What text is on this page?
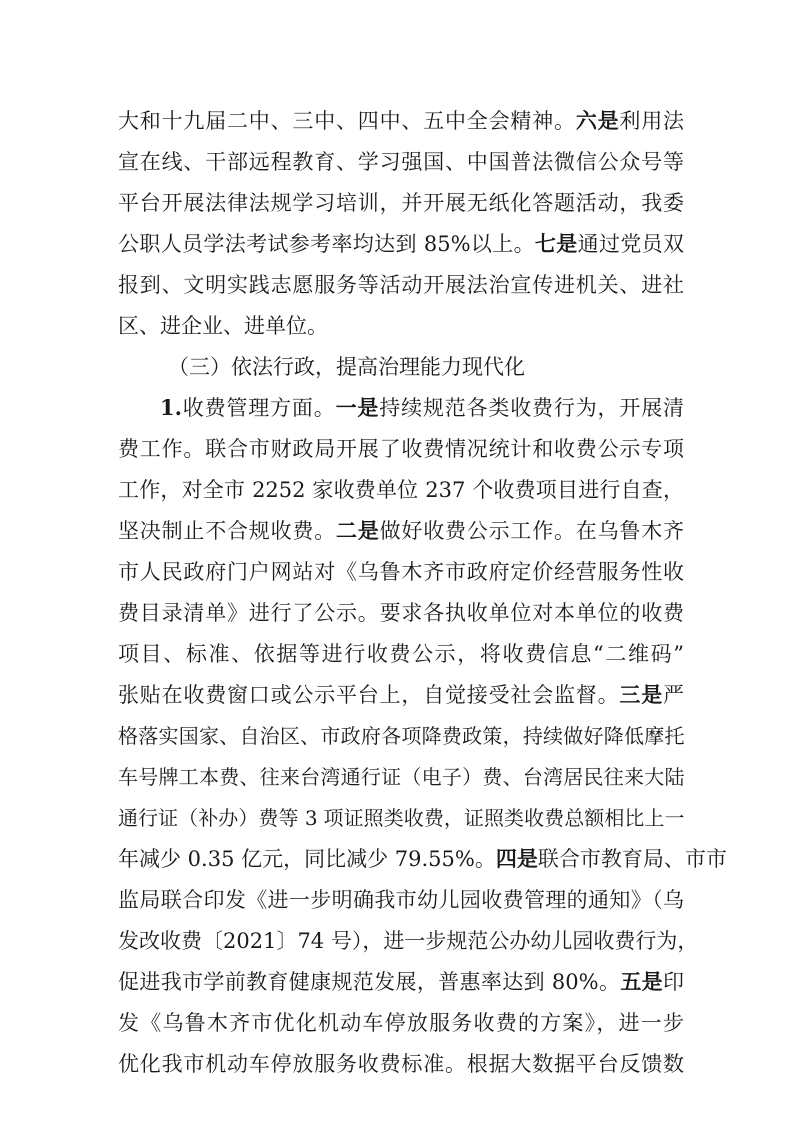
大和十九届二中、三中、四中、五中全会精神。六是利用法
宣在线、干部远程教育、学习强国、中国普法微信公众号等
平台开展法律法规学习培训，并开展无纸化答题活动，我委
公职人员学法考试参考率均达到 85%以上。七是通过党员双
报到、文明实践志愿服务等活动开展法治宣传进机关、进社
区、进企业、进单位。
（三）依法行政，提高治理能力现代化
1.收费管理方面。一是持续规范各类收费行为，开展清
费工作。联合市财政局开展了收费情况统计和收费公示专项
工作，对全市 2252 家收费单位 237 个收费项目进行自查，
坚决制止不合规收费。二是做好收费公示工作。在乌鲁木齐
市人民政府门户网站对《乌鲁木齐市政府定价经营服务性收
费目录清单》进行了公示。要求各执收单位对本单位的收费
项目、标准、依据等进行收费公示，将收费信息“二维码”
张贴在收费窗口或公示平台上，自觉接受社会监督。三是严
格落实国家、自治区、市政府各项降费政策，持续做好降低摩托
车号牌工本费、往来台湾通行证（电子）费、台湾居民往来大陆
通行证（补办）费等 3 项证照类收费，证照类收费总额相比上一
年减少 0.35 亿元，同比减少 79.55%。四是联合市教育局、市市
监局联合印发《进一步明确我市幼儿园收费管理的通知》（乌
发改收费〔2021〕74 号），进一步规范公办幼儿园收费行为，
促进我市学前教育健康规范发展，普惠率达到 80%。五是印
发《乌鲁木齐市优化机动车停放服务收费的方案》，进一步
优化我市机动车停放服务收费标准。根据大数据平台反馈数
